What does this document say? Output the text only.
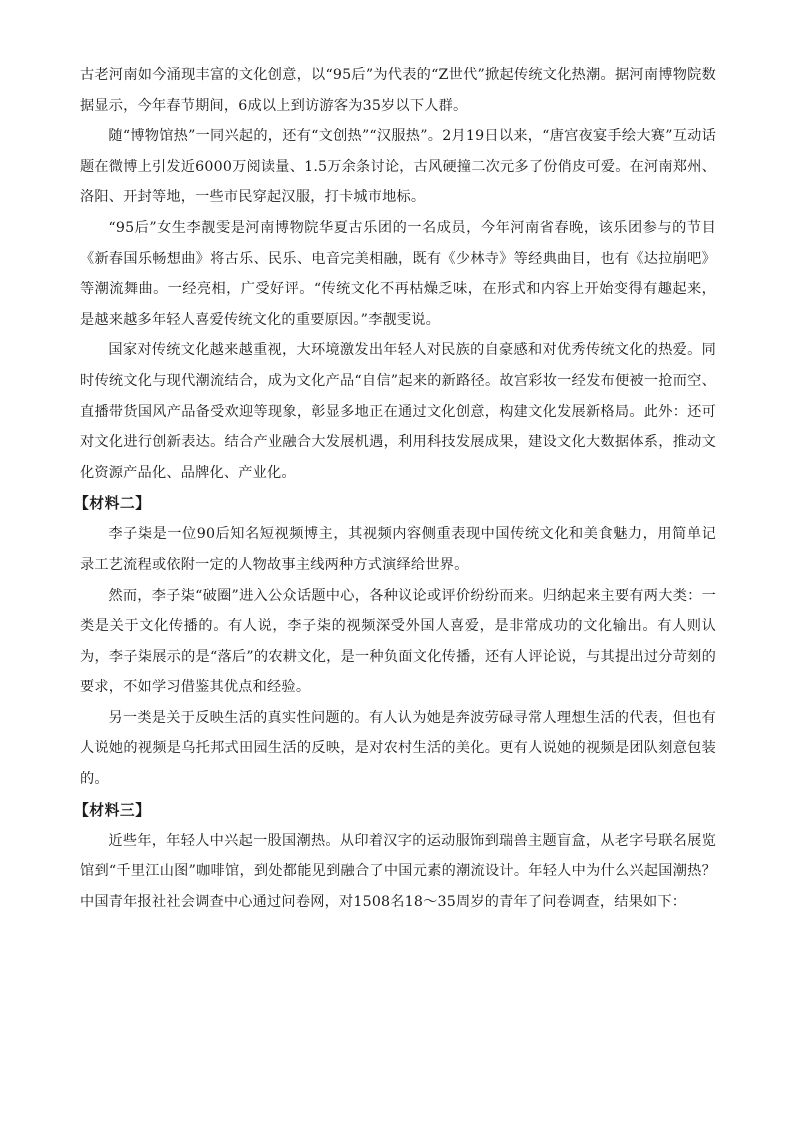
古老河南如今涌现丰富的文化创意，以“95后”为代表的“Z世代”掀起传统文化热潮。据河南博物院数据显示，今年春节期间，6成以上到访游客为35岁以下人群。

随“博物馆热”一同兴起的，还有“文创热”“汉服热”。2月19日以来，“唐宫夜宴手绘大赛”互动话题在微博上引发近6000万阅读量、1.5万余条讨论，古风硬撞二次元多了份俏皮可爱。在河南郑州、洛阳、开封等地，一些市民穿起汉服，打卡城市地标。

“95后”女生李靓雯是河南博物院华夏古乐团的一名成员，今年河南省春晚，该乐团参与的节目《新春国乐畅想曲》将古乐、民乐、电音完美相融，既有《少林寺》等经典曲目，也有《达拉崩吧》等潮流舞曲。一经亮相，广受好评。“传统文化不再枯燥乏味，在形式和内容上开始变得有趣起来，是越来越多年轻人喜爱传统文化的重要原因。”李靓雯说。

国家对传统文化越来越重视，大环境激发出年轻人对民族的自豪感和对优秀传统文化的热爱。同时传统文化与现代潮流结合，成为文化产品“自信”起来的新路径。故宫彩妆一经发布便被一抢而空、直播带货国风产品备受欢迎等现象，彰显多地正在通过文化创意，构建文化发展新格局。此外：还可对文化进行创新表达。结合产业融合大发展机遇，利用科技发展成果，建设文化大数据体系，推动文化资源产品化、品牌化、产业化。

【材料二】

李子柒是一位90后知名短视频博主，其视频内容侧重表现中国传统文化和美食魅力，用简单记录工艺流程或依附一定的人物故事主线两种方式演绎给世界。

然而，李子柒“破圈”进入公众话题中心，各种议论或评价纷纷而来。归纳起来主要有两大类：一类是关于文化传播的。有人说，李子柒的视频深受外国人喜爱，是非常成功的文化输出。有人则认为，李子柒展示的是“落后”的农耕文化，是一种负面文化传播，还有人评论说，与其提出过分苛刻的要求，不如学习借鉴其优点和经验。

另一类是关于反映生活的真实性问题的。有人认为她是奔波劳碌寻常人理想生活的代表，但也有人说她的视频是乌托邦式田园生活的反映，是对农村生活的美化。更有人说她的视频是团队刻意包装的。

【材料三】

近些年，年轻人中兴起一股国潮热。从印着汉字的运动服饰到瑞兽主题盲盒，从老字号联名展览馆到“千里江山图”咖啡馆，到处都能见到融合了中国元素的潮流设计。年轻人中为什么兴起国潮热？中国青年报社社会调查中心通过问卷网，对1508名18～35周岁的青年了问卷调查，结果如下：
